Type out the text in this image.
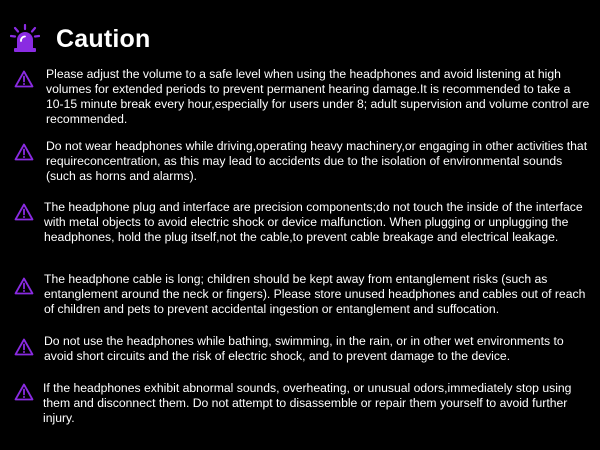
Caution
Please adjust the volume to a safe level when using the headphones and avoid listening at high volumes for extended periods to prevent permanent hearing damage.It is recommended to take a 10-15 minute break every hour,especially for users under 8; adult supervision and volume control are recommended.
Do not wear headphones while driving,operating heavy machinery,or engaging in other activities that requireconcentration, as this may lead to accidents due to the isolation of environmental sounds (such as horns and alarms).
The headphone plug and interface are precision components;do not touch the inside of the interface with metal objects to avoid electric shock or device malfunction. When plugging or unplugging the headphones, hold the plug itself,not the cable,to prevent cable breakage and electrical leakage.
The headphone cable is long; children should be kept away from entanglement risks (such as entanglement around the neck or fingers). Please store unused headphones and cables out of reach of children and pets to prevent accidental ingestion or entanglement and suffocation.
Do not use the headphones while bathing, swimming, in the rain, or in other wet environments to avoid short circuits and the risk of electric shock, and to prevent damage to the device.
If the headphones exhibit abnormal sounds, overheating, or unusual odors,immediately stop using them and disconnect them. Do not attempt to disassemble or repair them yourself to avoid further injury.
